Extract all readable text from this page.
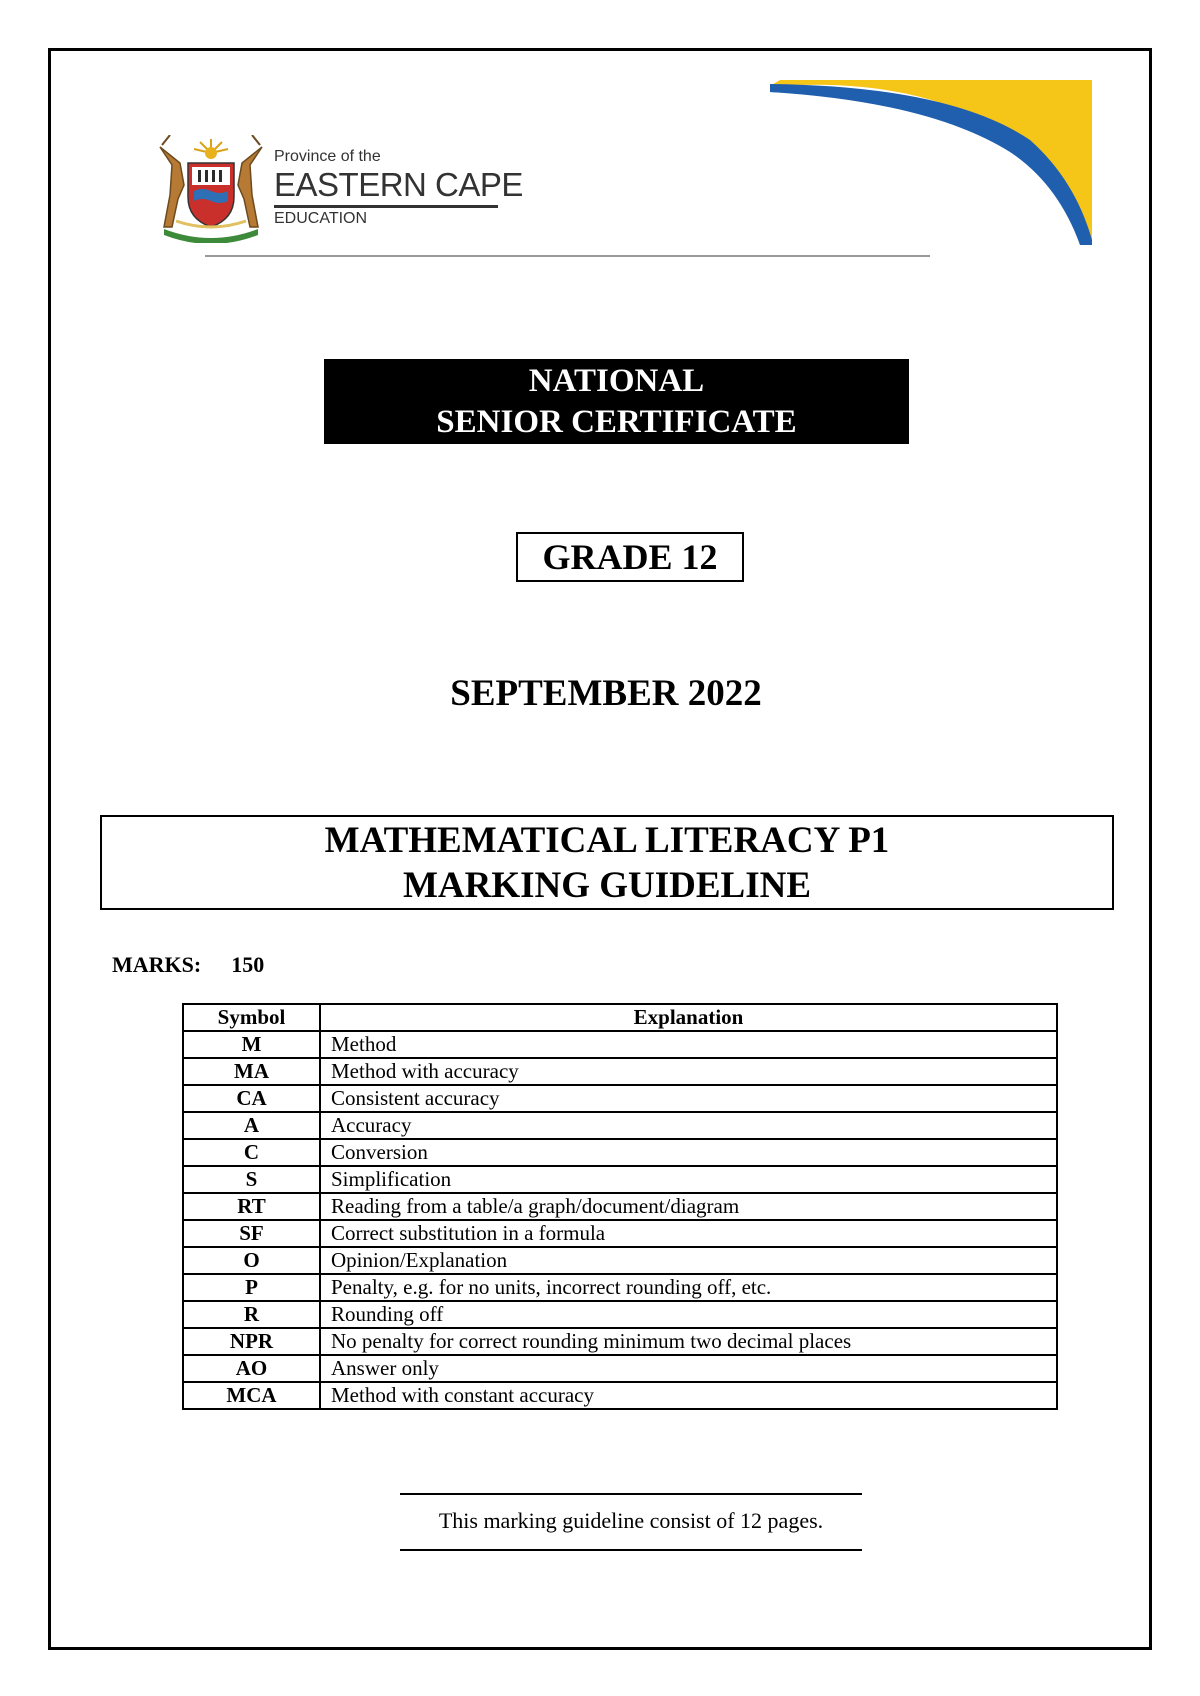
Province of the
EASTERN CAPE
EDUCATION
NATIONAL
SENIOR CERTIFICATE
GRADE 12
SEPTEMBER 2022
MATHEMATICAL LITERACY P1
MARKING GUIDELINE
MARKS: 150
Symbol	Explanation
M	Method
MA	Method with accuracy
CA	Consistent accuracy
A	Accuracy
C	Conversion
S	Simplification
RT	Reading from a table/a graph/document/diagram
SF	Correct substitution in a formula
O	Opinion/Explanation
P	Penalty, e.g. for no units, incorrect rounding off, etc.
R	Rounding off
NPR	No penalty for correct rounding minimum two decimal places
AO	Answer only
MCA	Method with constant accuracy
This marking guideline consist of 12 pages.
